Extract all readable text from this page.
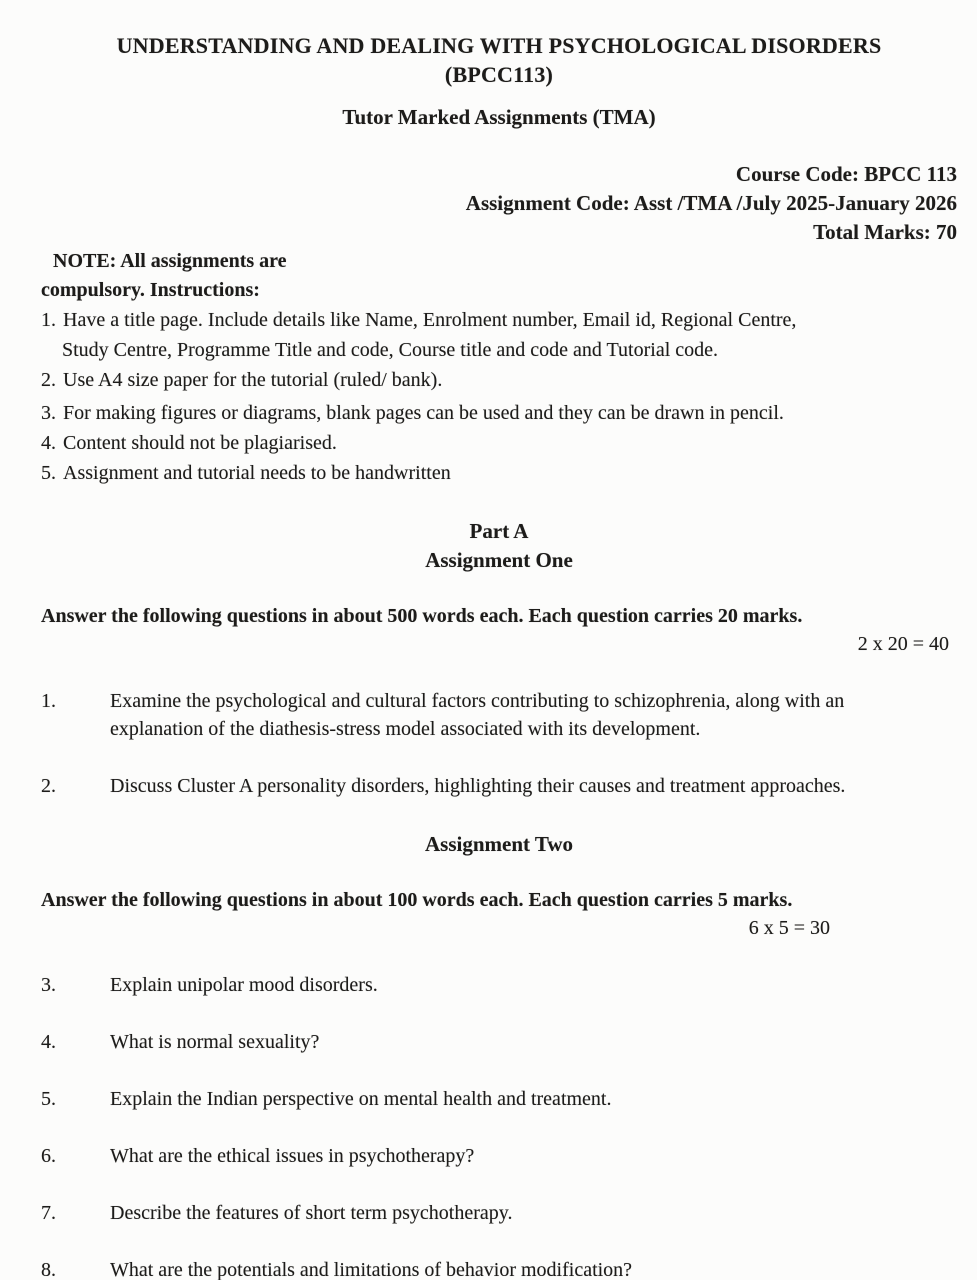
UNDERSTANDING AND DEALING WITH PSYCHOLOGICAL DISORDERS
(BPCC113)
Tutor Marked Assignments (TMA)
Course Code: BPCC 113
Assignment Code: Asst /TMA /July 2025-January 2026
Total Marks: 70
NOTE: All assignments are
compulsory. Instructions:
1. Have a title page. Include details like Name, Enrolment number, Email id, Regional Centre,
Study Centre, Programme Title and code, Course title and code and Tutorial code.
2. Use A4 size paper for the tutorial (ruled/ bank).
3. For making figures or diagrams, blank pages can be used and they can be drawn in pencil.
4. Content should not be plagiarised.
5. Assignment and tutorial needs to be handwritten
Part A
Assignment One
Answer the following questions in about 500 words each. Each question carries 20 marks.
2 x 20 = 40
1.	Examine the psychological and cultural factors contributing to schizophrenia, along with an
explanation of the diathesis-stress model associated with its development.
2.	Discuss Cluster A personality disorders, highlighting their causes and treatment approaches.
Assignment Two
Answer the following questions in about 100 words each. Each question carries 5 marks.
6 x 5 = 30
3.	Explain unipolar mood disorders.
4.	What is normal sexuality?
5.	Explain the Indian perspective on mental health and treatment.
6.	What are the ethical issues in psychotherapy?
7.	Describe the features of short term psychotherapy.
8.	What are the potentials and limitations of behavior modification?
